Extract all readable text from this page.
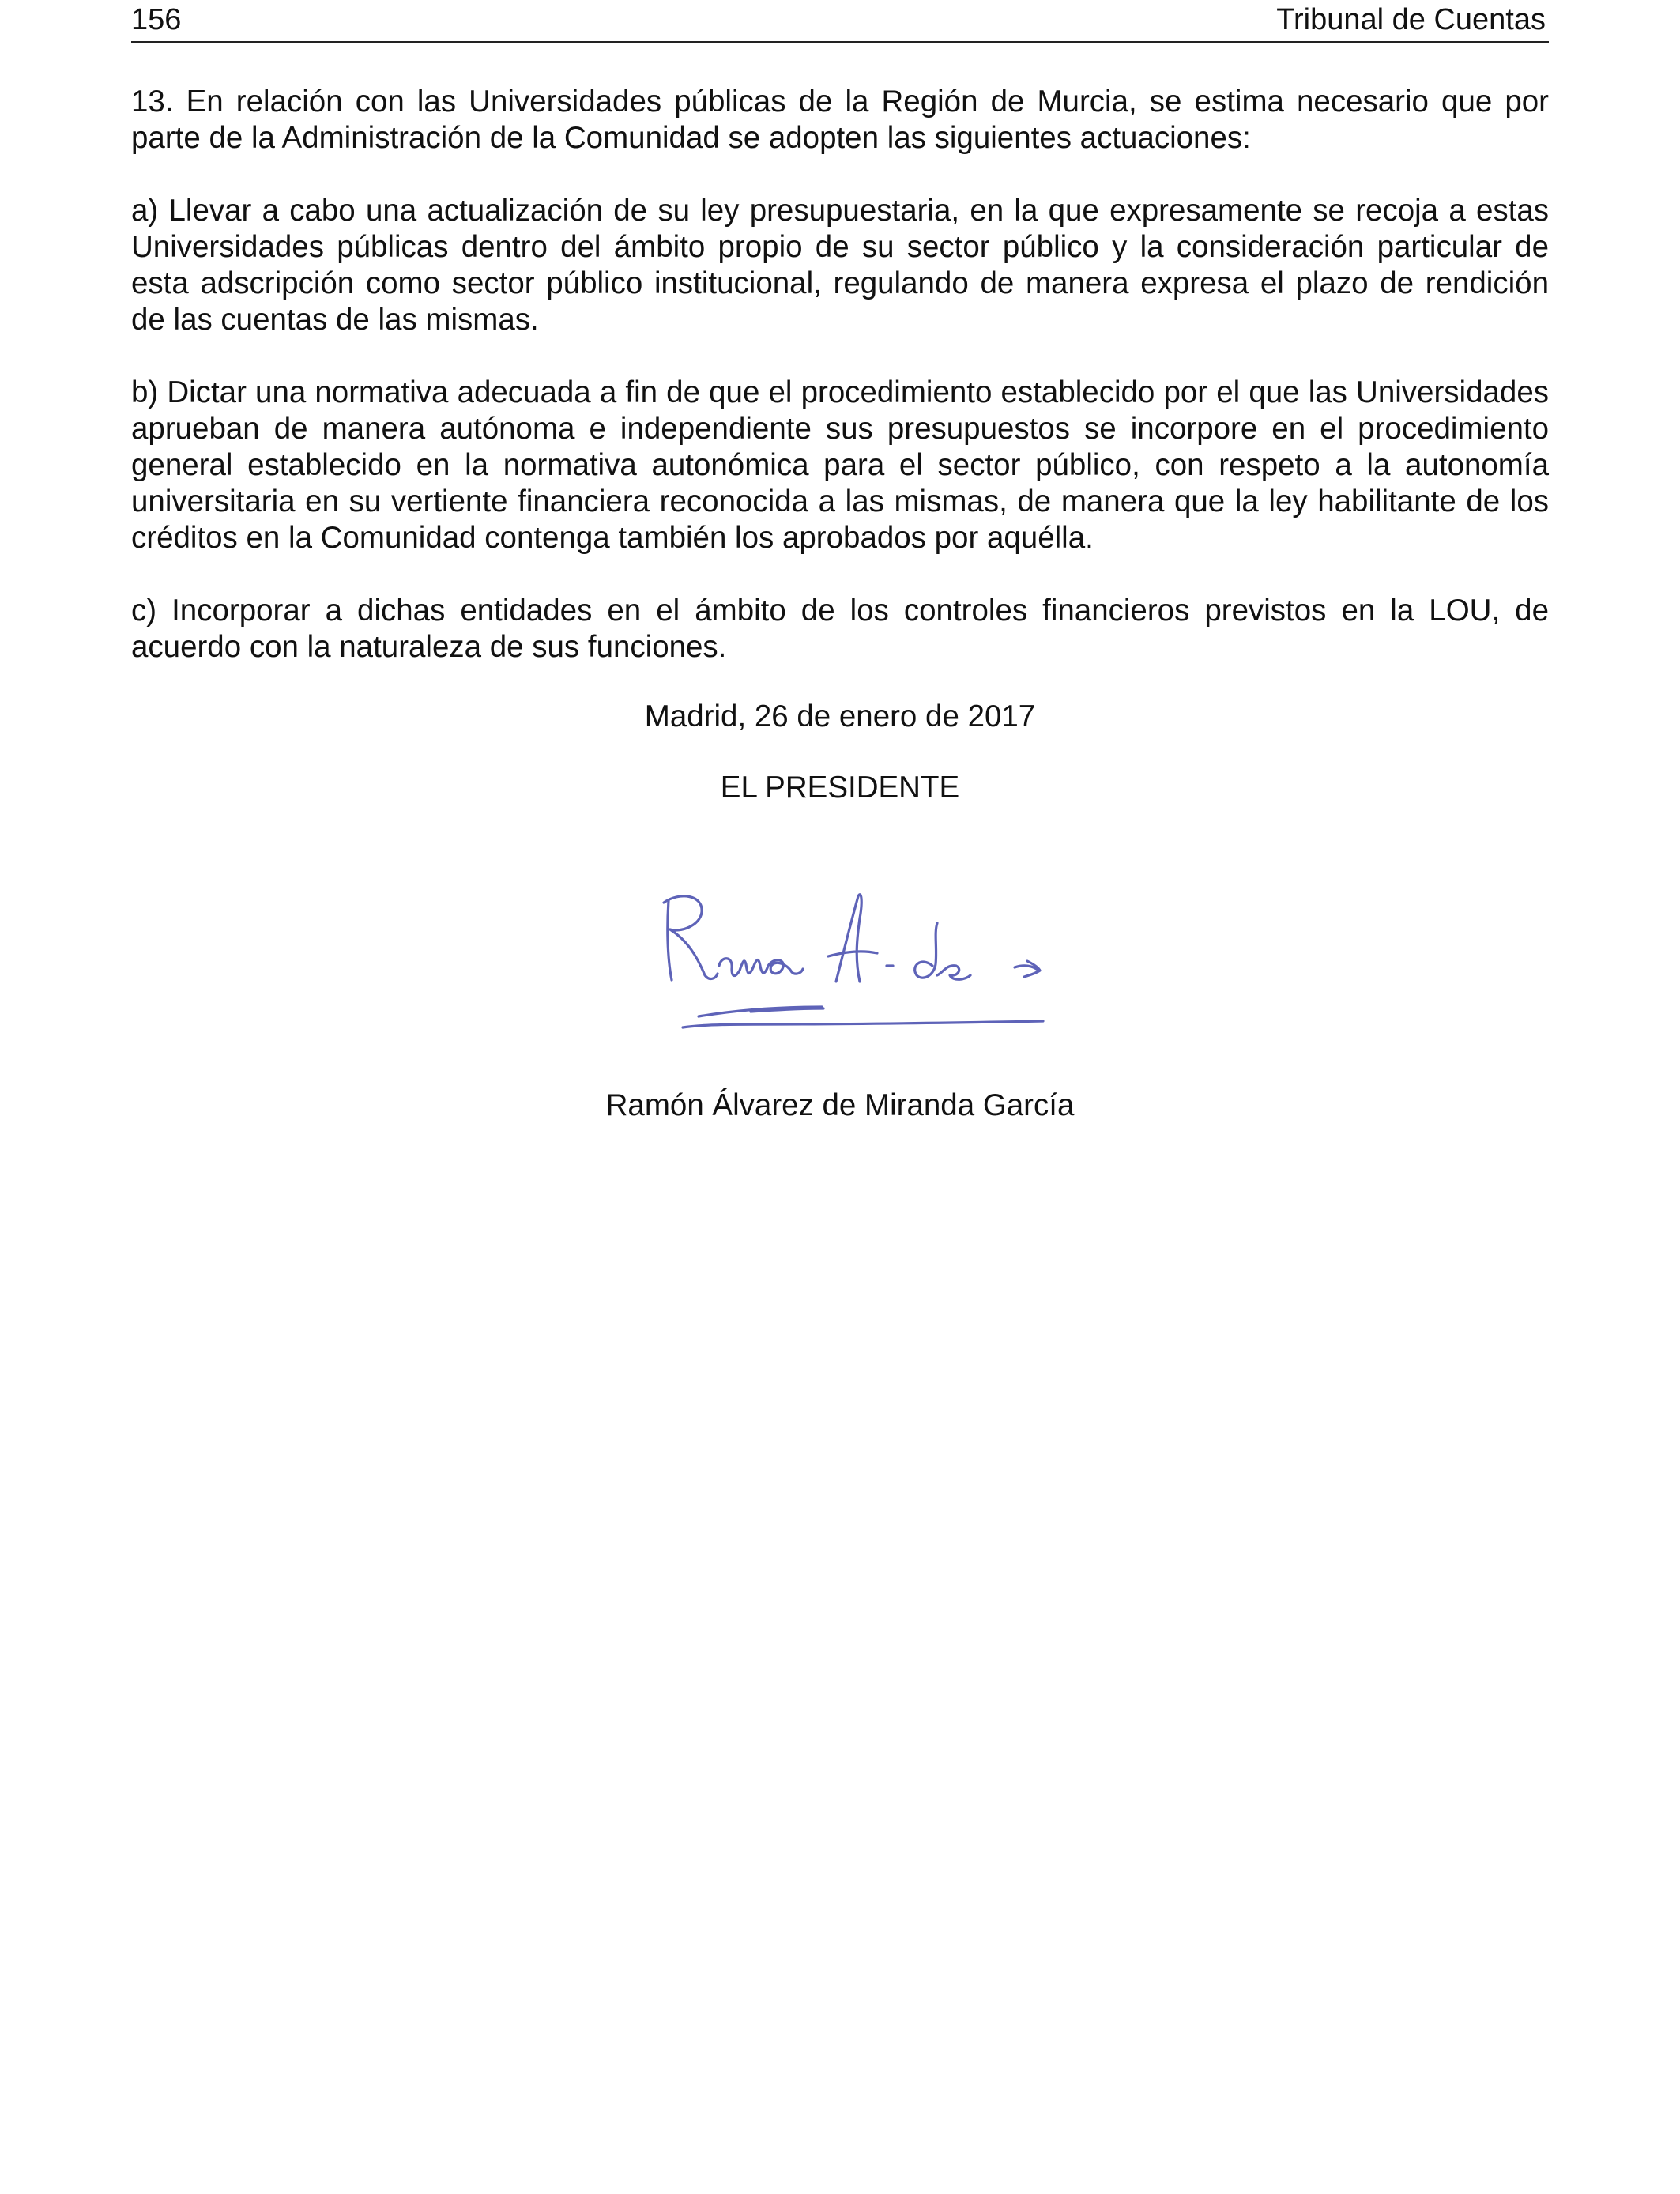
156	Tribunal de Cuentas

13. En relación con las Universidades públicas de la Región de Murcia, se estima necesario que por parte de la Administración de la Comunidad se adopten las siguientes actuaciones:

a) Llevar a cabo una actualización de su ley presupuestaria, en la que expresamente se recoja a estas Universidades públicas dentro del ámbito propio de su sector público y la consideración particular de esta adscripción como sector público institucional, regulando de manera expresa el plazo de rendición de las cuentas de las mismas.

b) Dictar una normativa adecuada a fin de que el procedimiento establecido por el que las Universidades aprueban de manera autónoma e independiente sus presupuestos se incorpore en el procedimiento general establecido en la normativa autonómica para el sector público, con respeto a la autonomía universitaria en su vertiente financiera reconocida a las mismas, de manera que la ley habilitante de los créditos en la Comunidad contenga también los aprobados por aquélla.

c) Incorporar a dichas entidades en el ámbito de los controles financieros previstos en la LOU, de acuerdo con la naturaleza de sus funciones.

Madrid, 26 de enero de 2017
EL PRESIDENTE
Ramón Álvarez de Miranda García
